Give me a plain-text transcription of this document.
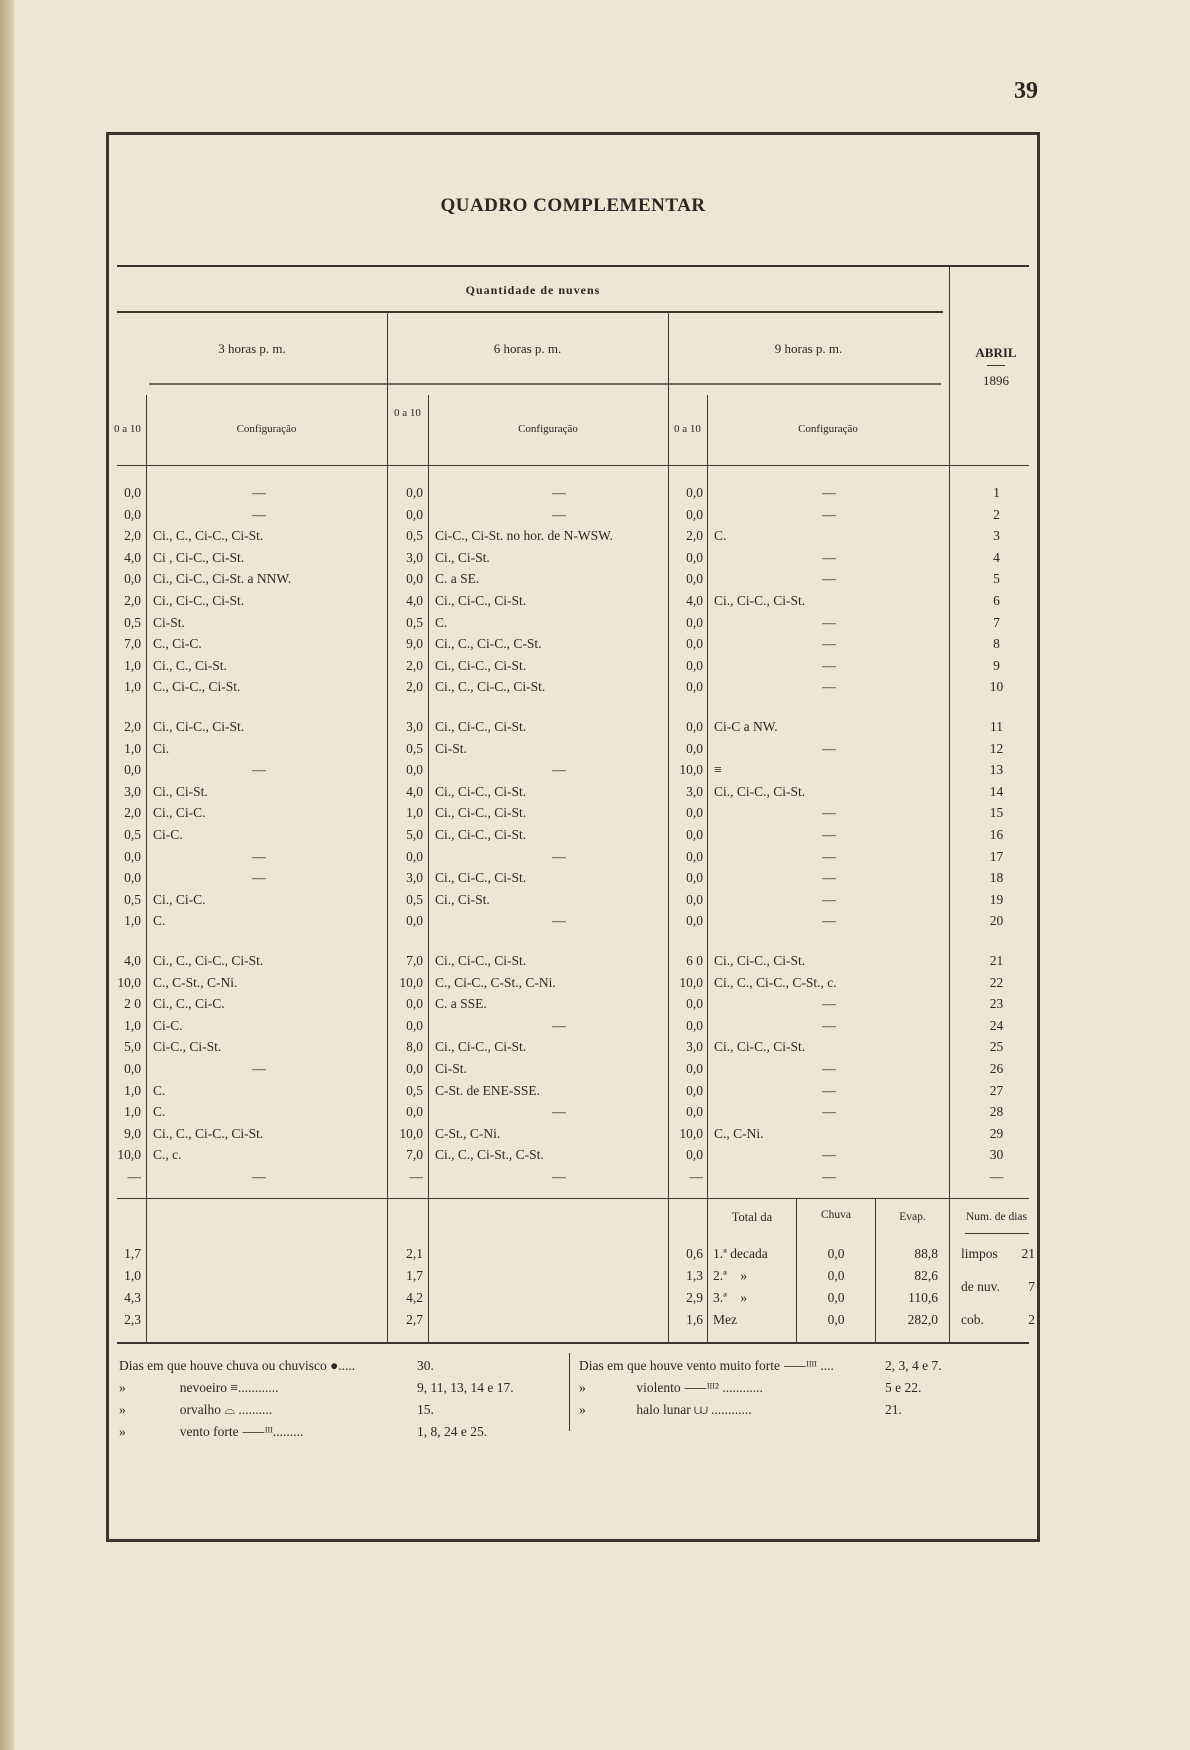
39
QUADRO COMPLEMENTAR
Quantidade de nuvens
3 horas p. m.	6 horas p. m.	9 horas p. m.
0 a 10	Configuração
0 a 10
Configuração	0 a 10	Configuração
ABRIL
1896
0,0	—	0,0	—	0,0	—	1
0,0	—	0,0	—	0,0	—	2
2,0 Ci., C., Ci-C., Ci-St.	0,5 Ci-C., Ci-St. no hor. de N-WSW.	2,0 C.	3
4,0 Ci , Ci-C., Ci-St.	3,0 Ci., Ci-St.	0,0	—	4
0,0 Ci., Ci-C., Ci-St. a NNW.	0,0 C. a SE.	0,0	—	5
2,0 Ci., Ci-C., Ci-St.	4,0 Ci., Ci-C., Ci-St.	4,0 Ci., Ci-C., Ci-St.	6
0,5 Ci-St.	0,5 C.	0,0	—	7
7,0 C., Ci-C.	9,0 Ci., C., Ci-C., C-St.	0,0	—	8
1,0 Ci., C., Ci-St.	2,0 Ci., Ci-C., Ci-St.	0,0	—	9
1,0 C., Ci-C., Ci-St.	2,0 Ci., C., Ci-C., Ci-St.	0,0	—	10
2,0 Ci., Ci-C., Ci-St.	3,0 Ci., Ci-C., Ci-St.	0,0 Ci-C a NW.	11
1,0 Ci.	0,5 Ci-St.	0,0	—	12
0,0	—	0,0	—	10,0 ≡	13
3,0 Ci., Ci-St.	4,0 Ci., Ci-C., Ci-St.	3,0 Ci., Ci-C., Ci-St.	14
2,0 Ci., Ci-C.	1,0 Ci., Ci-C., Ci-St.	0,0	—	15
0,5 Ci-C.	5,0 Ci., Ci-C., Ci-St.	0,0	—	16
0,0	—	0,0	—	0,0	—	17
0,0	—	3,0 Ci., Ci-C., Ci-St.	0,0	—	18
0,5 Ci., Ci-C.	0,5 Ci., Ci-St.	0,0	—	19
1,0 C.	0,0	—	0,0	—	20
4,0 Ci., C., Ci-C., Ci-St.	7,0 Ci., Ci-C., Ci-St.	6 0 Ci., Ci-C., Ci-St.	21
10,0 C., C-St., C-Ni.	10,0 C., Ci-C., C-St., C-Ni.	10,0 Ci., C., Ci-C., C-St., c.	22
2 0 Ci., C., Ci-C.	0,0 C. a SSE.	0,0	—	23
1,0 Ci-C.	0,0	—	0,0	—	24
5,0 Ci-C., Ci-St.	8,0 Ci., Ci-C., Ci-St.	3,0 Ci., Ci-C., Ci-St.	25
0,0	—	0,0 Ci-St.	0,0	—	26
1,0 C.	0,5 C-St. de ENE-SSE.	0,0	—	27
1,0 C.	0,0	—	0,0	—	28
9,0 Ci., C., Ci-C., Ci-St.	10,0 C-St., C-Ni.	10,0 C., C-Ni.	29
10,0 C., c.	7,0 Ci., C., Ci-St., C-St.	0,0	—	30
—	—	—	—	—	—	—
Total da	Chuva	Evap.	Num. de dias
1,7	2,1	0,6 1.ª decada	0,0	88,8
1,0	1,7	1,3 2.ª    »	0,0	82,6
4,3	4,2	2,9 3.ª    »	0,0	110,6
2,3	2,7	1,6 Mez	0,0	282,0
limpos	21
de nuv.	7
cob.	2
Dias em que houve chuva ou chuvisco ●.....	30.
»                nevoeiro ≡............	9, 11, 13, 14 e 17.
»                orvalho ⌓ ..........	15.
»                vento forte ⸺ᴵᴵᴵ.........	1, 8, 24 e 25.
Dias em que houve vento muito forte ⸺ᴵᴵᴵᴵ ....	2, 3, 4 e 7.
»               violento ⸺ᴵᴵᴵ² ............	5 e 22.
»               halo lunar ⩊ ............	21.
